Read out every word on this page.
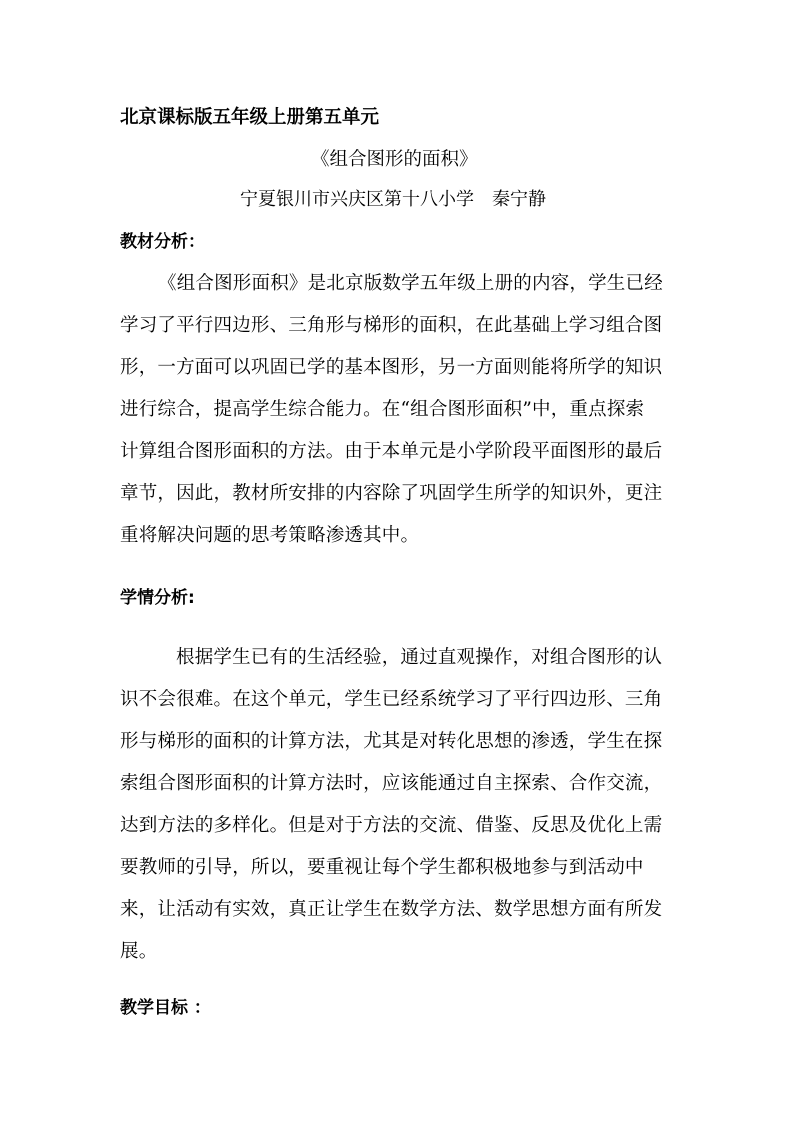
北京课标版五年级上册第五单元
《组合图形的面积》
宁夏银川市兴庆区第十八小学　秦宁静
教材分析：
《组合图形面积》是北京版数学五年级上册的内容，学生已经
学习了平行四边形、三角形与梯形的面积，在此基础上学习组合图
形，一方面可以巩固已学的基本图形，另一方面则能将所学的知识
进行综合，提高学生综合能力。在“组合图形面积”中，重点探索
计算组合图形面积的方法。由于本单元是小学阶段平面图形的最后
章节，因此，教材所安排的内容除了巩固学生所学的知识外，更注
重将解决问题的思考策略渗透其中。
学情分析:
根据学生已有的生活经验，通过直观操作，对组合图形的认
识不会很难。在这个单元，学生已经系统学习了平行四边形、三角
形与梯形的面积的计算方法，尤其是对转化思想的渗透，学生在探
索组合图形面积的计算方法时，应该能通过自主探索、合作交流，
达到方法的多样化。但是对于方法的交流、借鉴、反思及优化上需
要教师的引导，所以，要重视让每个学生都积极地参与到活动中
来，让活动有实效，真正让学生在数学方法、数学思想方面有所发
展。
教学目标 ：
